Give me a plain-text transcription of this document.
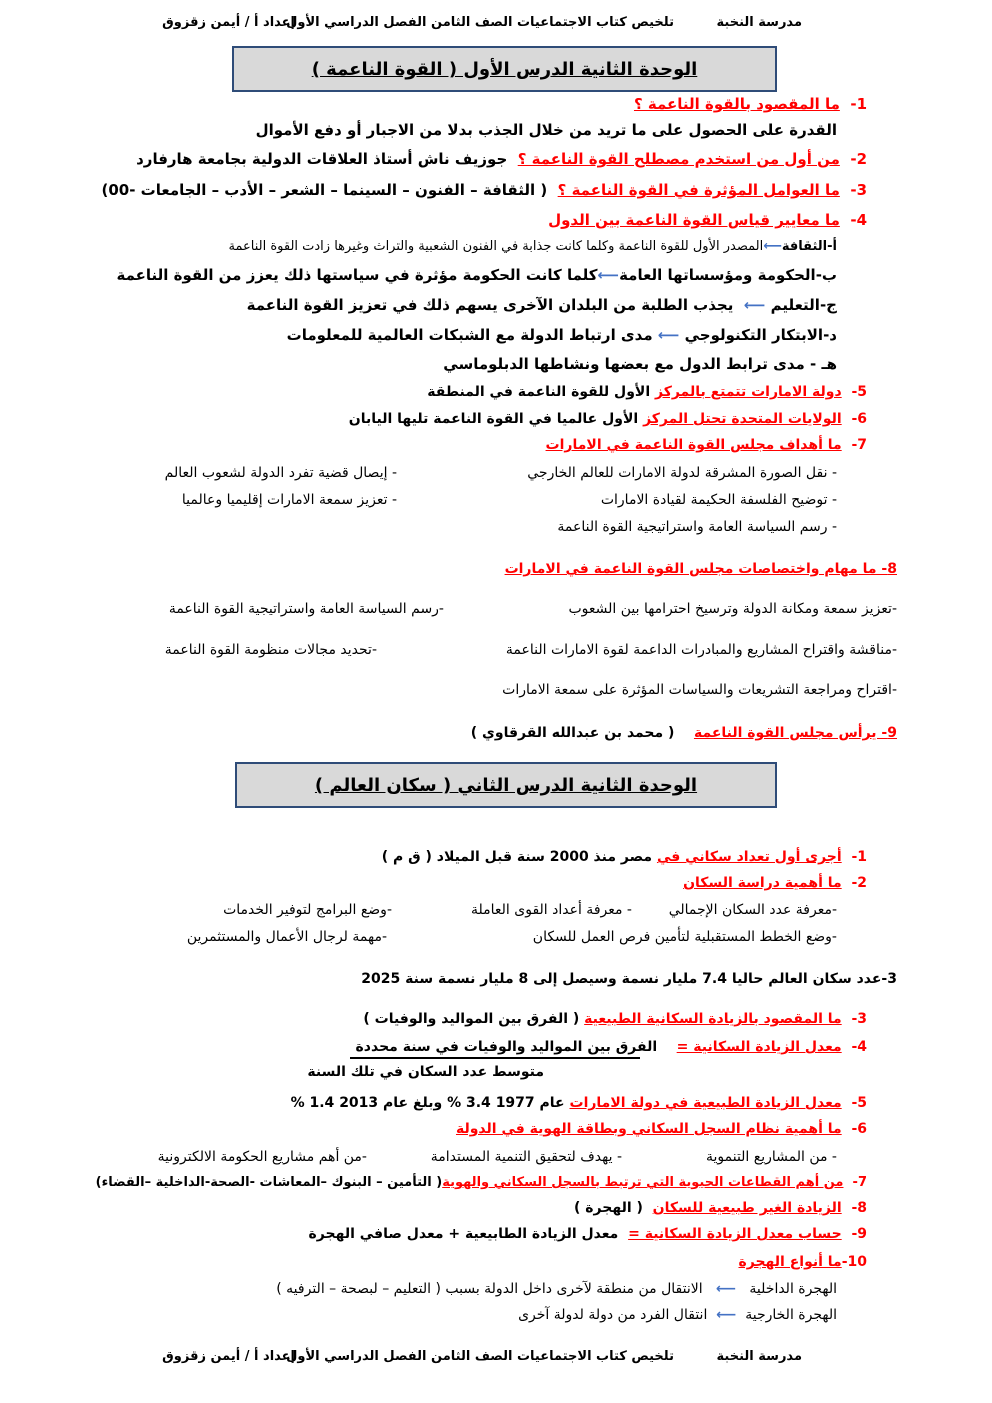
مدرسة النخبة
تلخيص كتاب الاجتماعيات الصف الثامن الفصل الدراسي الأول
إعداد أ / أيمن زقزوق
الوحدة الثانية الدرس الأول ( القوة الناعمة )
1-  ما المقصود بالقوة الناعمة ؟
القدرة على الحصول على ما تريد من خلال الجذب بدلا من الاجبار أو دفع الأموال
2-  من أول من استخدم مصطلح القوة الناعمة ؟  جوزيف ناش أستاذ العلاقات الدولية بجامعة هارفارد
3-  ما العوامل المؤثرة في القوة الناعمة ؟  ( الثقافة – الفنون – السينما – الشعر – الأدب – الجامعات -00)
4-  ما معايير قياس القوة الناعمة بين الدول
أ-الثقافة⟵المصدر الأول للقوة الناعمة وكلما كانت جذابة في الفنون الشعبية والتراث وغيرها زادت القوة الناعمة
ب-الحكومة ومؤسساتها العامة⟵كلما كانت الحكومة مؤثرة في سياستها ذلك يعزز من القوة الناعمة
ج-التعليم ⟵  يجذب الطلبة من البلدان الآخرى يسهم ذلك في تعزيز القوة الناعمة
د-الابتكار التكنولوجي ⟵ مدى ارتباط الدولة مع الشبكات العالمية للمعلومات
هـ - مدى ترابط الدول مع بعضها ونشاطها الدبلوماسي
5-  دولة الامارات تتمتع بالمركز الأول للقوة الناعمة في المنطقة
6-  الولايات المتحدة تحتل المركز الأول عالميا في القوة الناعمة تليها اليابان
7-  ما أهداف مجلس القوة الناعمة في الامارات
- نقل الصورة المشرقة لدولة الامارات للعالم الخارجي
- إيصال قضية تفرد الدولة لشعوب العالم
- توضيح الفلسفة الحكيمة لقيادة الامارات
- تعزيز سمعة الامارات إقليميا وعالميا
- رسم السياسة العامة واستراتيجية القوة الناعمة
8- ما مهام واختصاصات مجلس القوة الناعمة في الامارات
-تعزيز سمعة ومكانة الدولة وترسيخ احترامها بين الشعوب
-رسم السياسة العامة واستراتيجية القوة الناعمة
-مناقشة واقتراح المشاريع والمبادرات الداعمة لقوة الامارات الناعمة
-تحديد مجالات منظومة القوة الناعمة
-اقتراح ومراجعة التشريعات والسياسات المؤثرة على سمعة الامارات
9- يرأس مجلس القوة الناعمة    ( محمد بن عبدالله القرقاوي )
الوحدة الثانية الدرس الثاني ( سكان العالم )
1-  أجرى أول تعداد سكاني في مصر منذ 2000 سنة قبل الميلاد ( ق م )
2-  ما أهمية دراسة السكان
-معرفة عدد السكان الإجمالي
- معرفة أعداد القوى العاملة
-وضع البرامج لتوفير الخدمات
-وضع الخطط المستقبلية لتأمين فرص العمل للسكان
-مهمة لرجال الأعمال والمستثمرين
3-عدد سكان العالم حاليا 7.4 مليار نسمة وسيصل إلى 8 مليار نسمة سنة 2025
3-  ما المقصود بالزيادة السكانية الطبيعية ( الفرق بين المواليد والوفيات )
4-  معدل الزيادة السكانية =    الفرق بين المواليد والوفيات في سنة محددة
متوسط عدد السكان في تلك السنة
5-  معدل الزيادة الطبيعية في دولة الامارات عام 1977 3.4 % وبلغ عام 2013 1.4 %
6-  ما أهمية نظام السجل السكاني وبطاقة الهوية في الدولة
- من المشاريع التنموية
- يهدف لتحقيق التنمية المستدامة
-من أهم مشاريع الحكومة الالكترونية
7-  من أهم القطاعات الحيوية التي ترتبط بالسجل السكاني والهوية( التأمين – البنوك –المعاشات -الصحة-الداخلية –القضاء)
8-  الزيادة الغير طبيعية للسكان  ( الهجرة )
9-  حساب معدل الزيادة السكانية =  معدل الزيادة الطابيعية + معدل صافي الهجرة
10-ما أنواع الهجرة
الهجرة الداخلية   ⟵   الانتقال من منطقة لآخرى داخل الدولة بسبب ( التعليم – لبصحة – الترفيه )
الهجرة الخارجية  ⟵  انتقال الفرد من دولة لدولة آخرى
مدرسة النخبة
تلخيص كتاب الاجتماعيات الصف الثامن الفصل الدراسي الأول
إعداد أ / أيمن زقزوق
